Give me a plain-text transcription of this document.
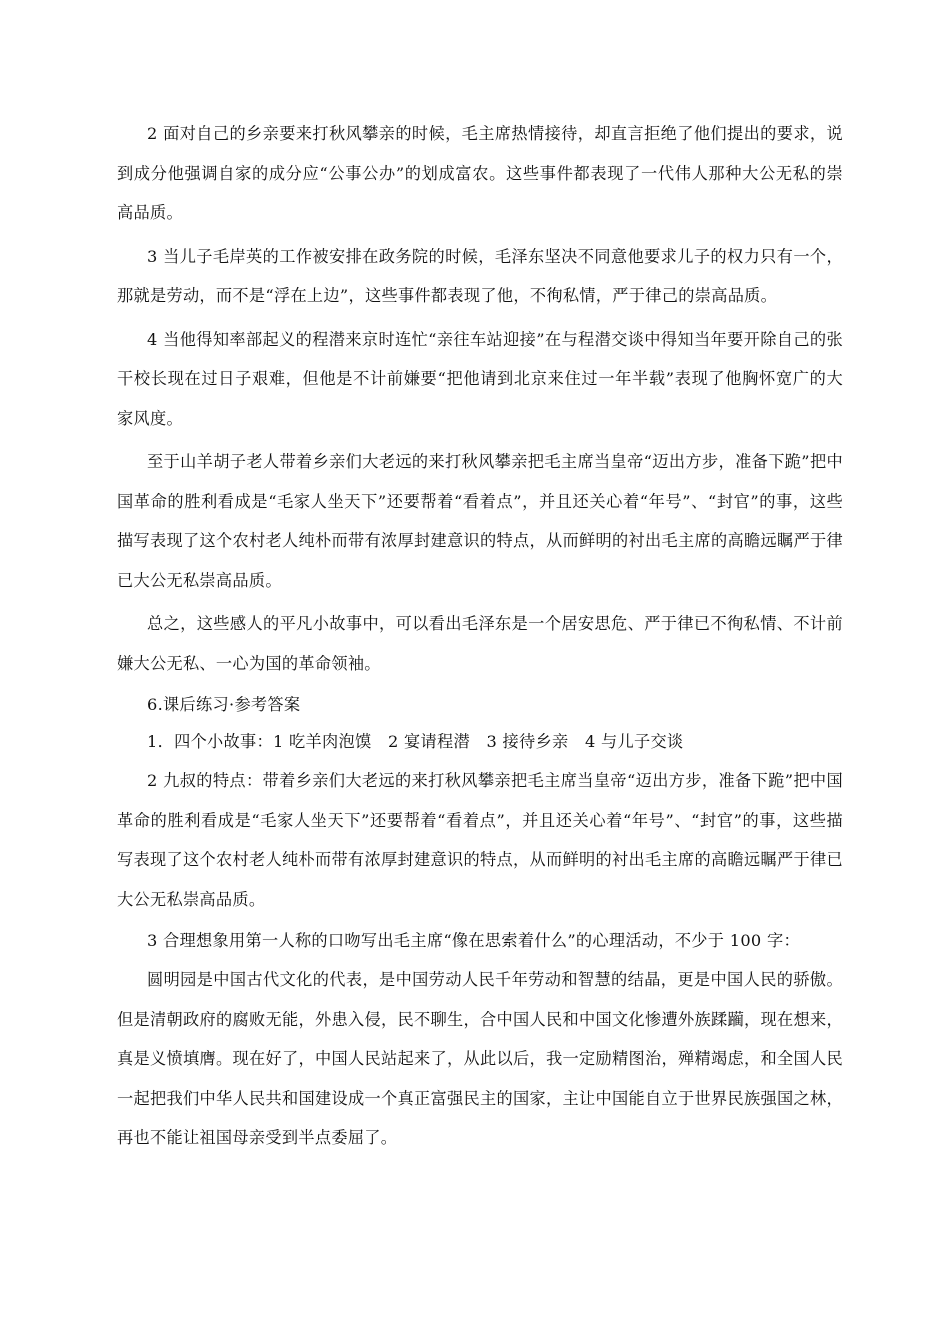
2 面对自己的乡亲要来打秋风攀亲的时候，毛主席热情接待，却直言拒绝了他们提出的要求，说到成分他强调自家的成分应“公事公办”的划成富农。这些事件都表现了一代伟人那种大公无私的崇高品质。

3 当儿子毛岸英的工作被安排在政务院的时候，毛泽东坚决不同意他要求儿子的权力只有一个，那就是劳动，而不是“浮在上边”，这些事件都表现了他，不徇私情，严于律己的崇高品质。

4 当他得知率部起义的程潜来京时连忙“亲往车站迎接”在与程潜交谈中得知当年要开除自己的张干校长现在过日子艰难，但他是不计前嫌要“把他请到北京来住过一年半载”表现了他胸怀宽广的大家风度。

至于山羊胡子老人带着乡亲们大老远的来打秋风攀亲把毛主席当皇帝“迈出方步，准备下跪”把中国革命的胜利看成是“毛家人坐天下”还要帮着“看着点”，并且还关心着“年号”、“封官”的事，这些描写表现了这个农村老人纯朴而带有浓厚封建意识的特点，从而鲜明的衬出毛主席的高瞻远瞩严于律已大公无私崇高品质。

总之，这些感人的平凡小故事中，可以看出毛泽东是一个居安思危、严于律已不徇私情、不计前嫌大公无私、一心为国的革命领袖。

6.课后练习·参考答案

1．四个小故事：1 吃羊肉泡馍　2 宴请程潜　3 接待乡亲　4 与儿子交谈

2 九叔的特点：带着乡亲们大老远的来打秋风攀亲把毛主席当皇帝“迈出方步，准备下跪”把中国革命的胜利看成是“毛家人坐天下”还要帮着“看着点”，并且还关心着“年号”、“封官”的事，这些描写表现了这个农村老人纯朴而带有浓厚封建意识的特点，从而鲜明的衬出毛主席的高瞻远瞩严于律已大公无私崇高品质。

3 合理想象用第一人称的口吻写出毛主席“像在思索着什么”的心理活动，不少于 100 字：

圆明园是中国古代文化的代表，是中国劳动人民千年劳动和智慧的结晶，更是中国人民的骄傲。但是清朝政府的腐败无能，外患入侵，民不聊生，合中国人民和中国文化惨遭外族蹂躏，现在想来，真是义愤填膺。现在好了，中国人民站起来了，从此以后，我一定励精图治，殚精竭虑，和全国人民一起把我们中华人民共和国建设成一个真正富强民主的国家，主让中国能自立于世界民族强国之林，再也不能让祖国母亲受到半点委屈了。
